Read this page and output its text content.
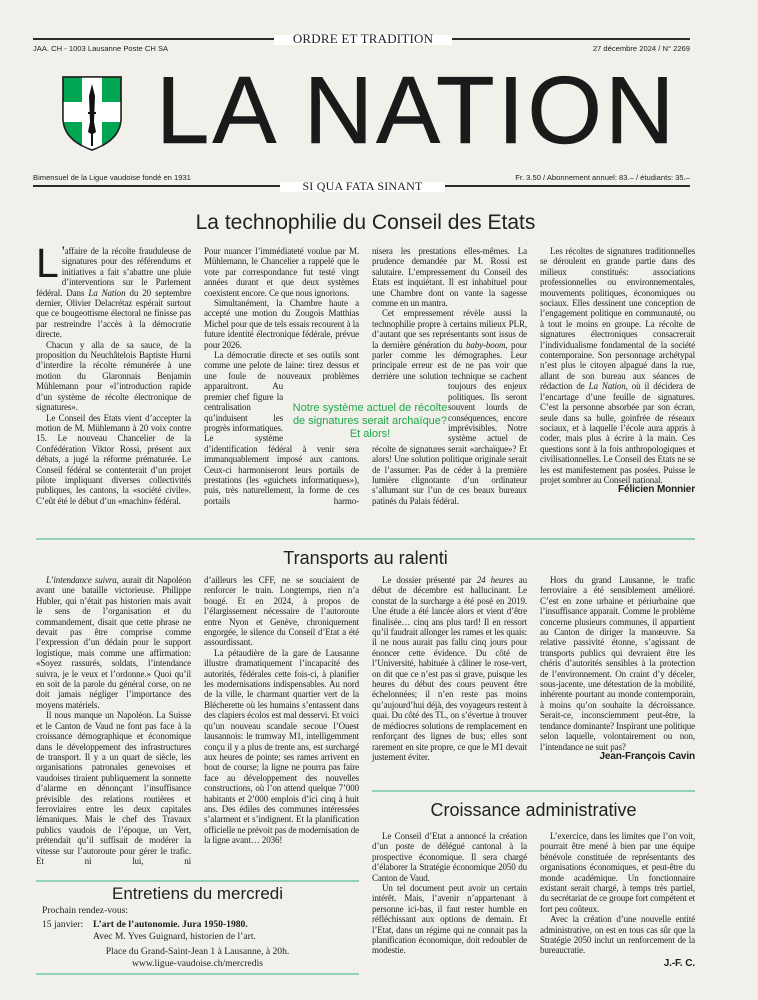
ORDRE ET TRADITION
JAA. CH - 1003 Lausanne Poste CH SA	27 décembre 2024 / N° 2269
LA NATION
Bimensuel de la Ligue vaudoise fondé en 1931	Fr. 3.50 / Abonnement annuel: 83.– / étudiants: 35.–
SI QUA FATA SINANT
La technophilie du Conseil des Etats

L ’affaire de la récolte frauduleuse de signatures pour des référendums et initiatives a fait s’abattre une pluie d’interventions sur le Parlement fédéral. Dans La Nation du 20 septembre dernier, Olivier Delacrétaz espérait surtout que ce bougeottisme électoral ne finisse pas par restreindre l’accès à la démocratie directe.

Chacun y alla de sa sauce, de la proposition du Neuchâtelois Baptiste Hurni d’interdire la récolte rémunérée à une motion du Glaronnais Benjamin Mühlemann pour «l’introduction rapide d’un système de récolte électronique de signatures».

Le Conseil des Etats vient d’accepter la motion de M. Mühlemann à 20 voix contre 15. Le nouveau Chancelier de la Confédération Viktor Rossi, présent aux débats, a jugé la réforme prématurée. Le Conseil fédéral se contenterait d’un projet pilote impliquant diverses collectivités publiques, les cantons, la «société civile». C’eût été le début d’un «machin» fédéral.

Pour nuancer l’immédiateté voulue par M. Mühlemann, le Chancelier a rappelé que le vote par correspondance fut testé vingt années durant et que deux systèmes coexistent encore. Ce que nous ignorions.

Simultanément, la Chambre haute a accepté une motion du Zougois Matthias Michel pour que de tels essais recourent à la future identité électronique fédérale, prévue pour 2026.

La démocratie directe et ses outils sont comme une pelote de laine: tirez dessus et une foule de nouveaux problèmes apparaitront. Au premier chef figure la centralisation qu’induisent les progrès informatiques. Le système d’identification fédéral à venir sera immanquablement imposé aux cantons. Ceux-ci harmoniseront leurs portails de prestations (les «guichets informatiques»), puis, très naturellement, la forme de ces portails harmo-

nisera les prestations elles-mêmes. La prudence demandée par M. Rossi est salutaire. L’empressement du Conseil des Etats est inquiétant. Il est inhabituel pour une Chambre dont on vante la sagesse comme en un mantra.

Cet empressement révèle aussi la technophilie propre à certains milieux PLR, d’autant que ses représentants sont issus de la dernière génération du baby-boom, pour parler comme les démographes. Leur principale erreur est de ne pas voir que derrière une solution technique se cachent toujours des enjeux politiques. Ils seront souvent lourds de conséquences, encore imprévisibles. Notre système actuel de récolte de signatures serait «archaïque»? Et alors! Une solution politique originale serait de l’assumer. Pas de céder à la première lumière clignotante d’un ordinateur s’allumant sur l’un de ces beaux bureaux patinés du Palais fédéral.

Notre système actuel de récolte de signatures serait archaïque? Et alors!

Les récoltes de signatures traditionnelles se déroulent en grande partie dans des milieux constitués: associations professionnelles ou environnementales, mouvements politiques, économiques ou sociaux. Elles dessinent une conception de l’engagement politique en communauté, ou à tout le moins en groupe. La récolte de signatures électroniques consacrerait l’individualisme fondamental de la société contemporaine. Son personnage archétypal n’est plus le citoyen alpagué dans la rue, allant de son bureau aux séances de rédaction de La Nation, où il décidera de l’encartage d’une feuille de signatures. C’est la personne absorbée par son écran, seule dans sa bulle, goinfrée de réseaux sociaux, et à laquelle l’école aura appris à coder, mais plus à écrire à la main. Ces questions sont à la fois anthropologiques et civilisationnelles. Le Conseil des Etats ne se les est manifestement pas posées. Puisse le projet sombrer au Conseil national.

Félicien Monnier

Transports au ralenti

L’intendance suivra, aurait dit Napoléon avant une bataille victorieuse. Philippe Hubler, qui n’était pas historien mais avait le sens de l’organisation et du commandement, disait que cette phrase ne devait pas être comprise comme l’expression d’un dédain pour le support logistique, mais comme une affirmation: «Soyez rassurés, soldats, l’intendance suivra, je le veux et l’ordonne.» Quoi qu’il en soit de la parole du général corse, on ne doit jamais négliger l’importance des moyens matériels.

Il nous manque un Napoléon. La Suisse et le Canton de Vaud ne font pas face à la croissance démographique et économique dans le développement des infrastructures de transport. Il y a un quart de siècle, les organisations patronales genevoises et vaudoises tiraient publiquement la sonnette d’alarme en dénonçant l’insuffisance prévisible des relations routières et ferroviaires entre les deux capitales lémaniques. Mais le chef des Travaux publics vaudois de l’époque, un Vert, prétendait qu’il suffisait de modérer la vitesse sur l’autoroute pour gérer le trafic. Et ni lui, ni

d’ailleurs les CFF, ne se souciaient de renforcer le train. Longtemps, rien n’a bougé. Et en 2024, à propos de l’élargissement nécessaire de l’autoroute entre Nyon et Genève, chroniquement engorgée, le silence du Conseil d’Etat a été assourdissant.

La pétaudière de la gare de Lausanne illustre dramatiquement l’incapacité des autorités, fédérales cette fois-ci, à planifier les modernisations indispensables. Au nord de la ville, le charmant quartier vert de la Blécherette où les humains s’entassent dans des clapiers écolos est mal desservi. Et voici qu’un nouveau scandale secoue l’Ouest lausannois: le tramway M1, intelligemment conçu il y a plus de trente ans, est surchargé aux heures de pointe; ses rames arrivent en bout de course; la ligne ne pourra pas faire face au développement des nouvelles constructions, où l’on attend quelque 7’000 habitants et 2’000 emplois d’ici cinq à huit ans. Des édiles des communes intéressées s’alarment et s’indignent. Et la planification officielle ne prévoit pas de modernisation de la ligne avant… 2036!

Le dossier présenté par 24 heures au début de décembre est hallucinant. Le constat de la surcharge a été posé en 2019. Une étude a été lancée alors et vient d’être finalisée… cinq ans plus tard! Il en ressort qu’il faudrait allonger les rames et les quais: il ne nous aurait pas fallu cinq jours pour énoncer cette évidence. Du côté de l’Université, habituée à câliner le rose-vert, on dit que ce n’est pas si grave, puisque les heures du début des cours peuvent être échelonnées; il n’en reste pas moins qu’aujourd’hui déjà, des voyageurs restent à quai. Du côté des TL, on s’évertue à trouver de médiocres solutions de remplacement en renforçant des lignes de bus; elles sont rarement en site propre, ce que le M1 devait justement éviter.

Hors du grand Lausanne, le trafic ferroviaire a été sensiblement amélioré. C’est en zone urbaine et périurbaine que l’insuffisance apparait. Comme le problème concerne plusieurs communes, il appartient au Canton de diriger la manœuvre. Sa relative passivité étonne, s’agissant de transports publics qui devraient être les chéris d’autorités sensibles à la protection de l’environnement. On craint d’y déceler, sous-jacente, une détestation de la mobilité, inhérente pourtant au monde contemporain, à moins qu’on souhaite la décroissance. Serait-ce, inconsciemment peut-être, la tendance dominante? Inspirant une politique selon laquelle, volontairement ou non, l’intendance ne suit pas?

Jean-François Cavin

Croissance administrative

Le Conseil d’Etat a annoncé la création d’un poste de délégué cantonal à la prospective économique. Il sera chargé d’élaborer la Stratégie économique 2050 du Canton de Vaud.

Un tel document peut avoir un certain intérêt. Mais, l’avenir n’appartenant à personne ici-bas, il faut rester humble en réfléchissant aux options de demain. Et l’Etat, dans un régime qui ne connait pas la planification économique, doit redoubler de modestie.

L’exercice, dans les limites que l’on voit, pourrait être mené à bien par une équipe bénévole constituée de représentants des organisations économiques, et peut-être du monde académique. Un fonctionnaire existant serait chargé, à temps très partiel, du secrétariat de ce groupe fort compétent et fort peu coûteux.

Avec la création d’une nouvelle entité administrative, on est en tous cas sûr que la Stratégie 2050 inclut un renforcement de la bureaucratie.

J.-F. C.

Entretiens du mercredi
Prochain rendez-vous:
15 janvier: L’art de l’autonomie. Jura 1950-1980.
Avec M. Yves Guignard, historien de l’art.
Place du Grand-Saint-Jean 1 à Lausanne, à 20h.
www.ligue-vaudoise.ch/mercredis
